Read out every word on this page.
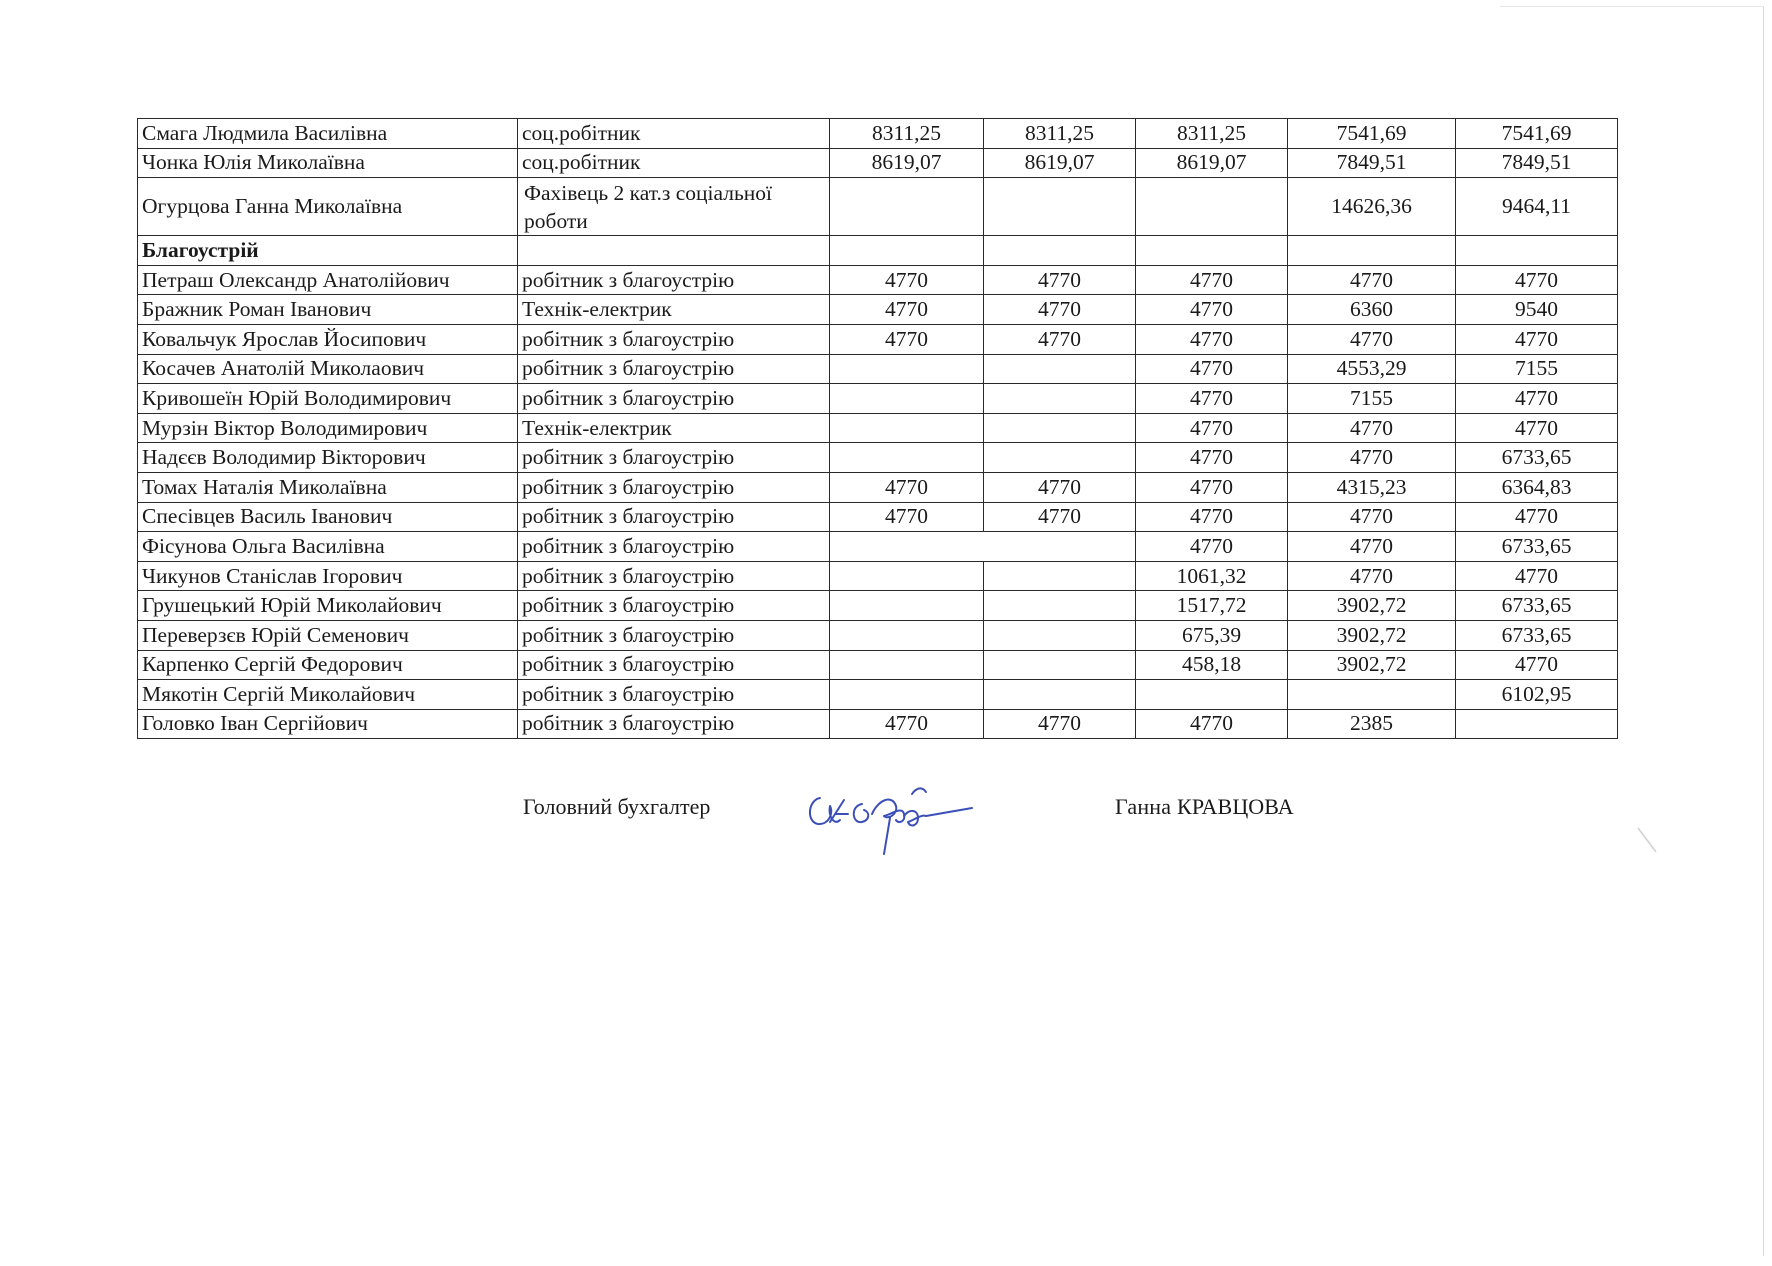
Смага Людмила Василівна	соц.робітник	8311,25	8311,25	8311,25	7541,69	7541,69
Чонка Юлія Миколаївна	соц.робітник	8619,07	8619,07	8619,07	7849,51	7849,51
Огурцова Ганна Миколаївна	Фахівець 2 кат.з соціальної роботи				14626,36	9464,11
Благоустрій						
Петраш Олександр Анатолійович	робітник з благоустрію	4770	4770	4770	4770	4770
Бражник Роман Іванович	Технік-електрик	4770	4770	4770	6360	9540
Ковальчук Ярослав Йосипович	робітник з благоустрію	4770	4770	4770	4770	4770
Косачев Анатолій Миколаович	робітник з благоустрію			4770	4553,29	7155
Кривошеїн Юрій Володимирович	робітник з благоустрію			4770	7155	4770
Мурзін Віктор Володимирович	Технік-електрик			4770	4770	4770
Надєєв Володимир Вікторович	робітник з благоустрію			4770	4770	6733,65
Томах Наталія Миколаївна	робітник з благоустрію	4770	4770	4770	4315,23	6364,83
Спесівцев Василь Іванович	робітник з благоустрію	4770	4770	4770	4770	4770
Фісунова Ольга Василівна	робітник з благоустрію			4770	4770	6733,65
Чикунов Станіслав Ігорович	робітник з благоустрію			1061,32	4770	4770
Грушецький Юрій Миколайович	робітник з благоустрію			1517,72	3902,72	6733,65
Переверзєв Юрій Семенович	робітник з благоустрію			675,39	3902,72	6733,65
Карпенко Сергій Федорович	робітник з благоустрію			458,18	3902,72	4770
Мякотін Сергій Миколайович	робітник з благоустрію					6102,95
Головко Іван Сергійович	робітник з благоустрію	4770	4770	4770	2385	
Головний бухгалтер	Ганна КРАВЦОВА
